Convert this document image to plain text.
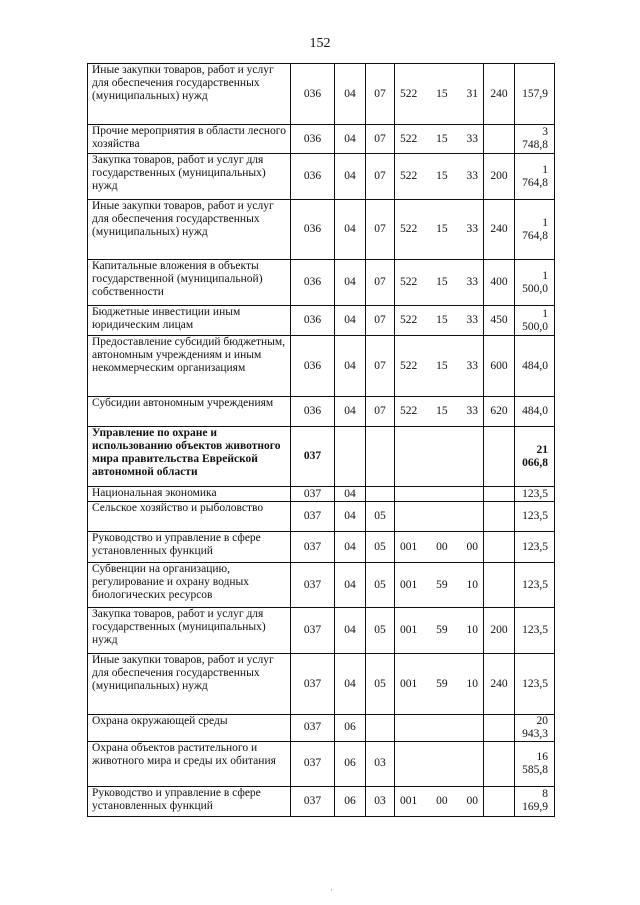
152
Иные закупки товаров, работ и услуг для обеспечения государственных (муниципальных) нужд	036	04	07	522 15 31	240	157,9
Прочие мероприятия в области лесного хозяйства	036	04	07	522 15 33		3 748,8
Закупка товаров, работ и услуг для государственных (муниципальных) нужд	036	04	07	522 15 33	200	1 764,8
Иные закупки товаров, работ и услуг для обеспечения государственных (муниципальных) нужд	036	04	07	522 15 33	240	1 764,8
Капитальные вложения в объекты государственной (муниципальной) собственности	036	04	07	522 15 33	400	1 500,0
Бюджетные инвестиции иным юридическим лицам	036	04	07	522 15 33	450	1 500,0
Предоставление субсидий бюджетным, автономным учреждениям и иным некоммерческим организациям	036	04	07	522 15 33	600	484,0
Субсидии автономным учреждениям	036	04	07	522 15 33	620	484,0
Управление по охране и использованию объектов животного мира правительства Еврейской автономной области	037					21 066,8
Национальная экономика	037	04				123,5
Сельское хозяйство и рыболовство	037	04	05			123,5
Руководство и управление в сфере установленных функций	037	04	05	001 00 00		123,5
Субвенции на организацию, регулирование и охрану водных биологических ресурсов	037	04	05	001 59 10		123,5
Закупка товаров, работ и услуг для государственных (муниципальных) нужд	037	04	05	001 59 10	200	123,5
Иные закупки товаров, работ и услуг для обеспечения государственных (муниципальных) нужд	037	04	05	001 59 10	240	123,5
Охрана окружающей среды	037	06				20 943,3
Охрана объектов растительного и животного мира и среды их обитания	037	06	03			16 585,8
Руководство и управление в сфере установленных функций	037	06	03	001 00 00		8 169,9
·
